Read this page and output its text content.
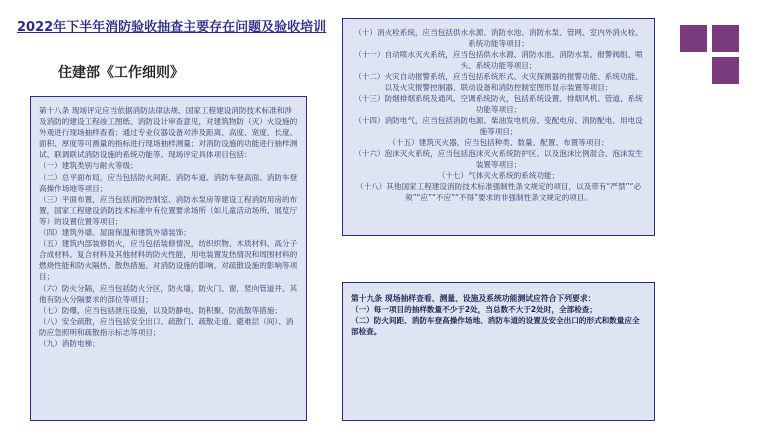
2022年下半年消防验收抽查主要存在问题及验收培训
住建部《工作细则》

第十八条 现场评定应当依据消防法律法规、国家工程建设消防技术标准和涉及消防的建设工程竣工图纸、消防设计审查意见，对建筑物防（灭）火设施的外观进行现场抽样查看；通过专业仪器设备对涉及距离、高度、宽度、长度、面积、厚度等可测量的指标进行现场抽样测量；对消防设施的功能进行抽样测试、联调联试消防设施的系统功能等。现场评定具体项目包括：

（一）建筑类别与耐火等级；

（二）总平面布局，应当包括防火间距、消防车道、消防车登高面、消防车登高操作场地等项目；

（三）平面布置，应当包括消防控制室、消防水泵房等建设工程消防用房的布置，国家工程建设消防技术标准中有位置要求场所（如儿童活动场所、展览厅等）的设置位置等项目；

（四）建筑外墙、屋面保温和建筑外墙装饰；

（五）建筑内部装修防火，应当包括装修情况，纺织织物、木质材料、高分子合成材料、复合材料及其他材料的防火性能，用电装置发热情况和周围材料的燃烧性能和防火隔热、散热措施、对消防设施的影响、对疏散设施的影响等项目；

（六）防火分隔，应当包括防火分区，防火墙，防火门、窗，竖向管道井、其他有防火分隔要求的部位等项目；

（七）防爆，应当包括泄压设施，以及防静电、防积聚、防流散等措施；

（八）安全疏散，应当包括安全出口、疏散门、疏散走道、避难层（间）、消防应急照明和疏散指示标志等项目；

（九）消防电梯；

（十）消火栓系统，应当包括供水水源、消防水池、消防水泵、管网、室内外消火栓、系统功能等项目；

（十一）自动喷水灭火系统，应当包括供水水源、消防水池、消防水泵、报警阀组、喷头、系统功能等项目；

（十二）火灾自动报警系统，应当包括系统形式、火灾探测器的报警功能、系统功能、以及火灾报警控制器、联动设备和消防控制室图形显示装置等项目；

（十三）防烟排烟系统及通风、空调系统防火，包括系统设置、排烟风机、管道、系统功能等项目；

（十四）消防电气，应当包括消防电源、柴油发电机房、变配电房、消防配电、用电设施等项目；

（十五）建筑灭火器，应当包括种类、数量、配置、布置等项目；

（十六）泡沫灭火系统，应当包括泡沫灭火系统防护区、以及泡沫比例混合、泡沫发生装置等项目；

（十七）气体灭火系统的系统功能；

（十八）其他国家工程建设消防技术标准强制性条文规定的项目，以及带有“严禁”“必须”“应”“不应”“不得”要求的非强制性条文规定的项目。

第十九条 现场抽样查看、测量、设施及系统功能测试应符合下列要求：

（一）每一项目的抽样数量不少于2处，当总数不大于2处时，全部检查；

（二）防火间距、消防车登高操作场地、消防车道的设置及安全出口的形式和数量应全部检查。
